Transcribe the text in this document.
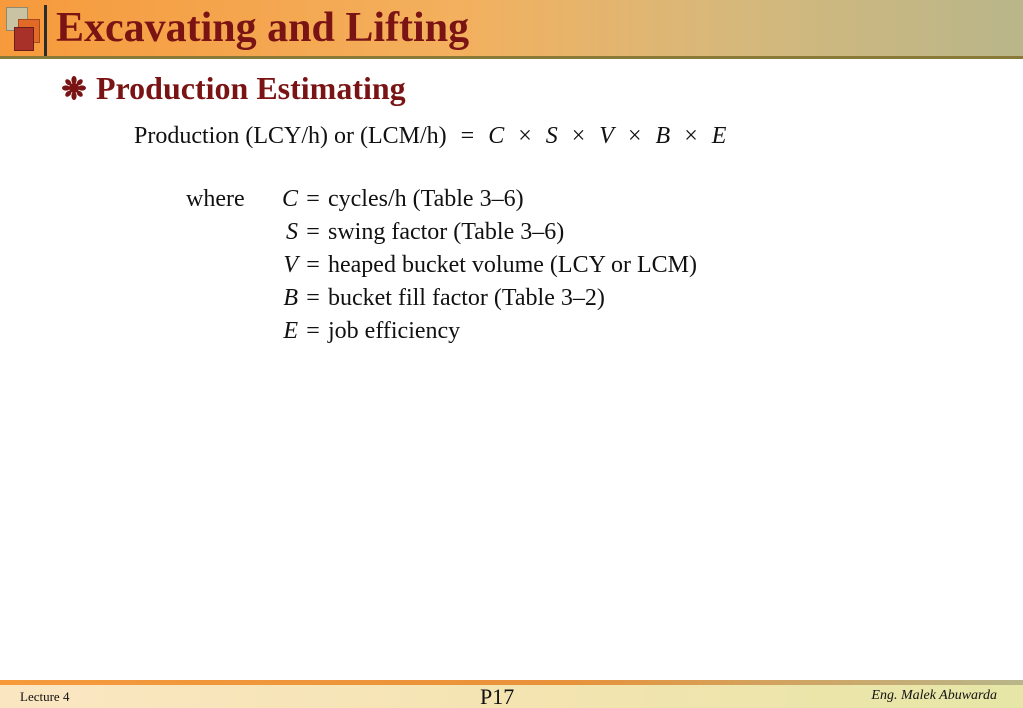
Excavating and Lifting
Production Estimating
Production (LCY/h) or (LCM/h) = C × S × V × B × E
where	C = cycles/h (Table 3–6)
S = swing factor (Table 3–6)
V = heaped bucket volume (LCY or LCM)
B = bucket fill factor (Table 3–2)
E = job efficiency
Lecture 4	P17	Eng. Malek Abuwarda
